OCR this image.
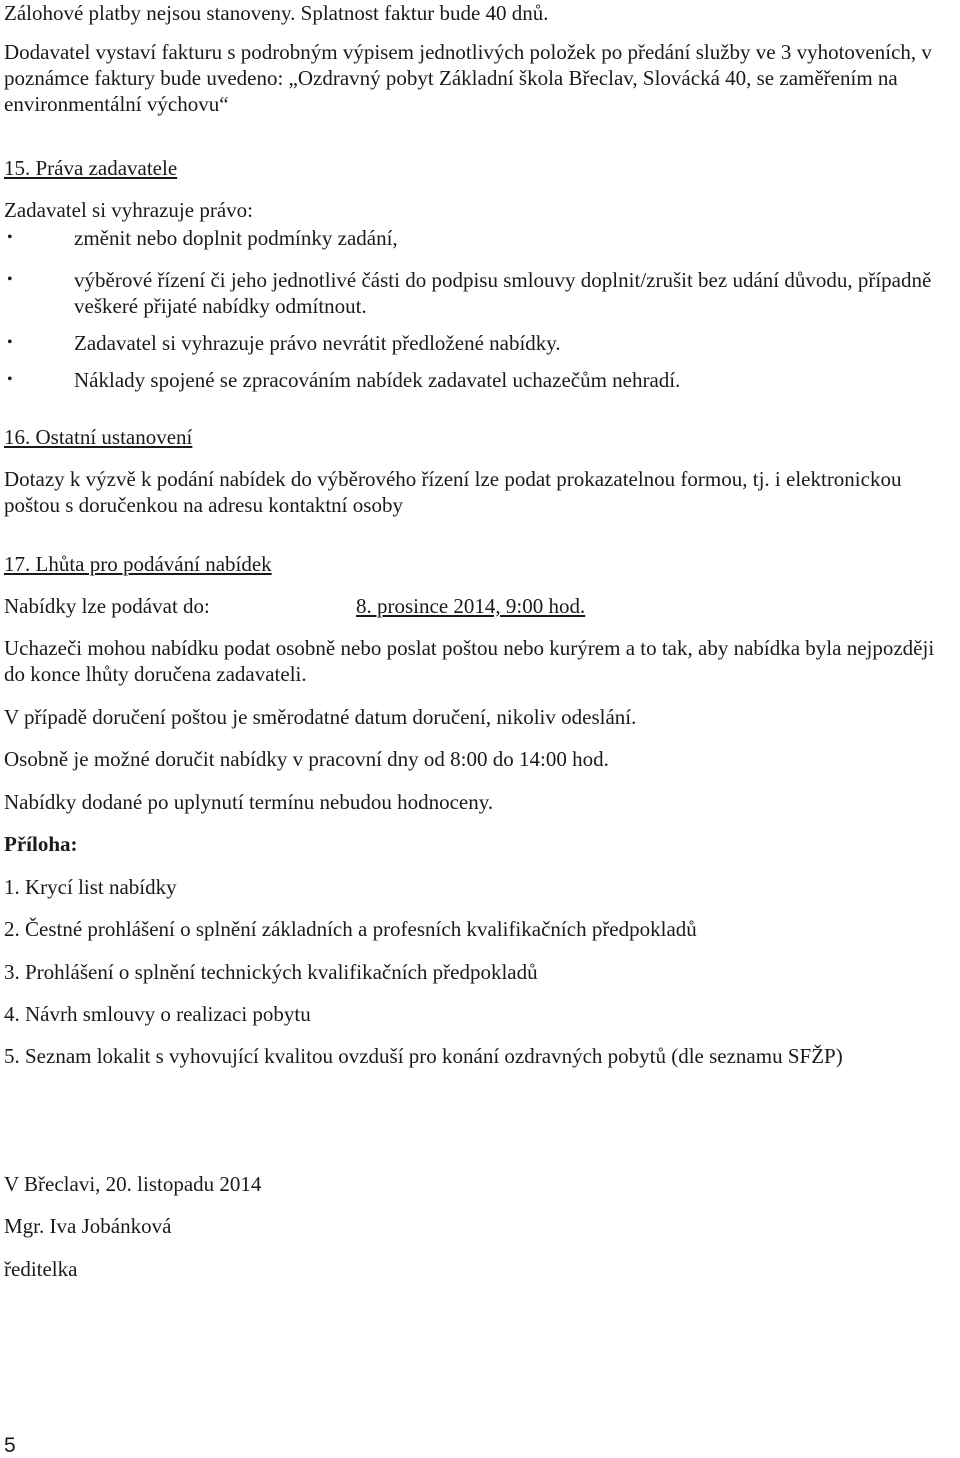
Zálohové platby nejsou stanoveny. Splatnost faktur bude 40 dnů.

Dodavatel vystaví fakturu s podrobným výpisem jednotlivých položek po předání služby ve 3 vyhotoveních, v poznámce faktury bude uvedeno: „Ozdravný pobyt Základní škola Břeclav, Slovácká 40, se zaměřením na environmentální výchovu“

15. Práva zadavatele

Zadavatel si vyhrazuje právo:

•	změnit nebo doplnit podmínky zadání,
•	výběrové řízení či jeho jednotlivé části do podpisu smlouvy doplnit/zrušit bez udání důvodu, případně veškeré přijaté nabídky odmítnout.
•	Zadavatel si vyhrazuje právo nevrátit předložené nabídky.
•	Náklady spojené se zpracováním nabídek zadavatel uchazečům nehradí.

16. Ostatní ustanovení

Dotazy k výzvě k podání nabídek do výběrového řízení lze podat prokazatelnou formou, tj. i elektronickou poštou s doručenkou na adresu kontaktní osoby

17. Lhůta pro podávání nabídek

Nabídky lze podávat do:	8. prosince 2014, 9:00 hod.

Uchazeči mohou nabídku podat osobně nebo poslat poštou nebo kurýrem a to tak, aby nabídka byla nejpozději do konce lhůty doručena zadavateli.

V případě doručení poštou je směrodatné datum doručení, nikoliv odeslání.

Osobně je možné doručit nabídky v pracovní dny od 8:00 do 14:00 hod.

Nabídky dodané po uplynutí termínu nebudou hodnoceny.

Příloha:

1. Krycí list nabídky

2. Čestné prohlášení o splnění základních a profesních kvalifikačních předpokladů

3. Prohlášení o splnění technických kvalifikačních předpokladů

4. Návrh smlouvy o realizaci pobytu

5. Seznam lokalit s vyhovující kvalitou ovzduší pro konání ozdravných pobytů (dle seznamu SFŽP)

V Břeclavi, 20. listopadu 2014

Mgr. Iva Jobánková

ředitelka

5
